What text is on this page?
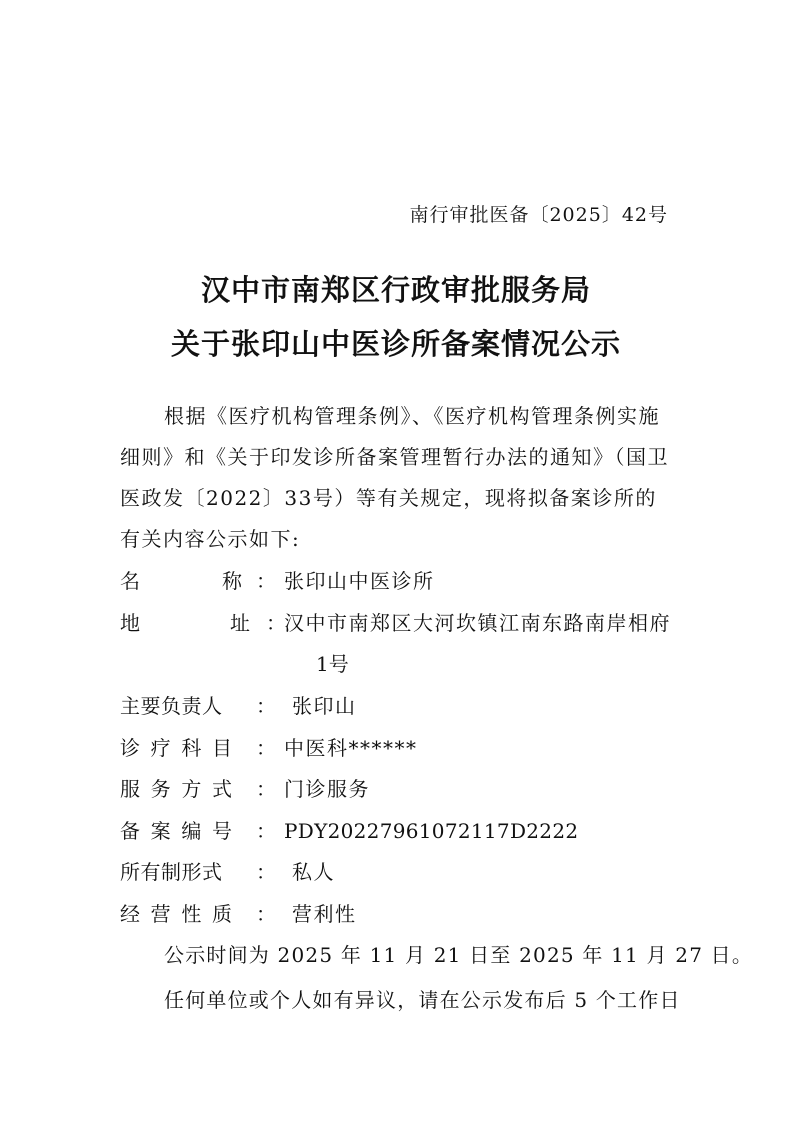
南行审批医备〔2025〕42号
汉中市南郑区行政审批服务局
关于张印山中医诊所备案情况公示
根据《医疗机构管理条例》、《医疗机构管理条例实施细则》和《关于印发诊所备案管理暂行办法的通知》（国卫医政发〔2022〕33号）等有关规定，现将拟备案诊所的有关内容公示如下:
名	称 ： 张印山中医诊所
地	址 ：
汉中市南郑区大河坎镇江南东路南岸相府
1号
主 要 负 责 人 ： 张印山
诊 疗 科 目 ： 中医科******
服 务 方 式 ： 门诊服务
备 案 编 号 ： PDY20227961072117D2222
所 有 制 形 式 ： 私人
经 营 性 质 ： 营利性
公示时间为 2025 年 11 月 21 日至 2025 年 11 月 27 日。
任何单位或个人如有异议，请在公示发布后 5 个工作日
